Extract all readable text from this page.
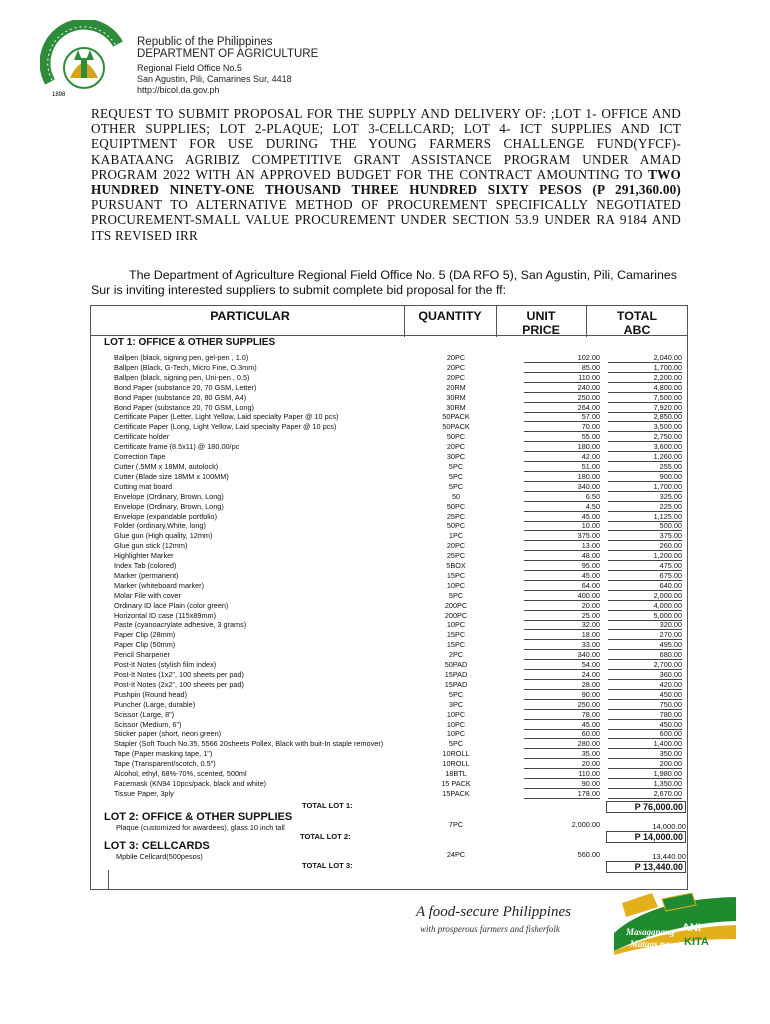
1898
Republic of the Philippines
DEPARTMENT OF AGRICULTURE
Regional Field Office No.5
San Agustin, Pili, Camarines Sur, 4418
http://bicol.da.gov.ph
REQUEST TO SUBMIT PROPOSAL FOR THE SUPPLY AND DELIVERY OF: ;LOT 1- OFFICE AND OTHER SUPPLIES; LOT 2-PLAQUE; LOT 3-CELLCARD; LOT 4- ICT SUPPLIES AND ICT EQUIPTMENT FOR USE DURING THE YOUNG FARMERS CHALLENGE FUND(YFCF)-KABATAANG AGRIBIZ COMPETITIVE GRANT ASSISTANCE PROGRAM UNDER AMAD PROGRAM 2022 WITH AN APPROVED BUDGET FOR THE CONTRACT AMOUNTING TO TWO HUNDRED NINETY-ONE THOUSAND THREE HUNDRED SIXTY PESOS (P 291,360.00) PURSUANT TO ALTERNATIVE METHOD OF PROCUREMENT SPECIFICALLY NEGOTIATED PROCUREMENT-SMALL VALUE PROCUREMENT UNDER SECTION 53.9 UNDER RA 9184 AND ITS REVISED IRR
The Department of Agriculture Regional Field Office No. 5 (DA RFO 5), San Agustin, Pili, Camarines Sur is inviting interested suppliers to submit complete bid proposal for the ff:
PARTICULAR	QUANTITY	UNIT
PRICE
TOTAL
ABC
LOT 1: OFFICE & OTHER SUPPLIES
Ballpen (black, signing pen, gel-pen , 1.0)	20PC	102.00	2,040.00
Ballpen (Black, G-Tech, Micro Fine, O.3mm)	20PC	85.00	1,700.00
Ballpen (black, signing pen, Uni-pen , 0.5)	20PC	110.00	2,200.00
Bond Paper (substance 20, 70 GSM, Letter)	20RM	240.00	4,800.00
Bond Paper (substance 20, 80 GSM, A4)	30RM	250.00	7,500.00
Bond Paper (substance 20, 70 GSM, Long)	30RM	264.00	7,920.00
Certificate Paper (Letter, Light Yellow, Laid specialty Paper @ 10 pcs)	50PACK	57.00	2,850.00
Certificate Paper (Long, Light Yellow, Laid specialty Paper @ 10 pcs)	50PACK	70.00	3,500.00
Certificate holder	50PC	55.00	2,750.00
Certificate frame (8.5x11) @ 180.00/pc	20PC	180.00	3,600.00
Correction Tape	30PC	42.00	1,260.00
Cutter (.5MM x 18MM, autolock)	5PC	51.00	255.00
Cutter (Blade size 18MM x 100MM)	5PC	180.00	900.00
Cutting mat board	5PC	340.00	1,700.00
Envelope (Ordinary, Brown, Long)	50	6.50	325.00
Envelope (Ordinary, Brown, Long)	50PC	4.50	225.00
Envelope (expandable portfolio)	25PC	45.00	1,125.00
Folder (ordinary,White, long)	50PC	10.00	500.00
Glue gun (High quality, 12mm)	1PC	375.00	375.00
Glue gun stick (12mm)	20PC	13.00	260.00
Highlighter Marker	25PC	48.00	1,200.00
Index Tab (colored)	5BOX	95.00	475.00
Marker (permanent)	15PC	45.00	675.00
Marker (whiteboard marker)	10PC	64.00	640.00
Molar File with cover	5PC	400.00	2,000.00
Ordinary ID lace Plain (color green)	200PC	20.00	4,000.00
Horizontal ID case (115x89mm)	200PC	25.00	5,000.00
Paste (cyanoacrylate adhesive, 3 grams)	10PC	32.00	320.00
Paper Clip (28mm)	15PC	18.00	270.00
Paper Clip (50mm)	15PC	33.00	495.00
Pencil Sharpener	2PC	340.00	680.00
Post-It Notes (stylish film index)	50PAD	54.00	2,700.00
Post-It Notes (1x2", 100 sheets per pad)	15PAD	24.00	360.00
Post-It Notes (2x2", 100 sheets per pad)	15PAD	28.00	420.00
Pushpin (Round head)	5PC	90.00	450.00
Puncher (Large, durable)	3PC	250.00	750.00
Scissor (Large, 8")	10PC	78.00	780.00
Scissor (Medium, 6")	10PC	45.00	450.00
Sticker paper (short, neon green)	10PC	60.00	600.00
Stapler (Soft Touch No.35, 5566 20sheets Pollex, Black with buit-In staple remover)	5PC	280.00	1,400.00
Tape (Paper masking tape, 1")	10ROLL	35.00	350.00
Tape (Transparent/scotch, 0.5")	10ROLL	20.00	200.00
Alcohol, ethyl, 68%-70%, scented, 500ml	18BTL	110.00	1,980.00
Facemask (KN94 10pcs/pack, black and white)	15 PACK	90.00	1,350.00
Tissue Paper, 3ply	15PACK	178.00	2,670.00
TOTAL LOT 1:	P 76,000.00
LOT 2: OFFICE & OTHER SUPPLIES
Plaque (customized for awardees), glass 10 inch tall	7PC	2,000.00	14,000.00
TOTAL LOT 2:	P 14,000.00
LOT 3: CELLCARDS
Mpbile Cellcard(500pesos)	24PC	560.00	13,440.00
TOTAL LOT 3:	P 13,440.00
A food-secure Philippines
with prosperous farmers and fisherfolk	Masaganang ANI
Mataas na KITA
